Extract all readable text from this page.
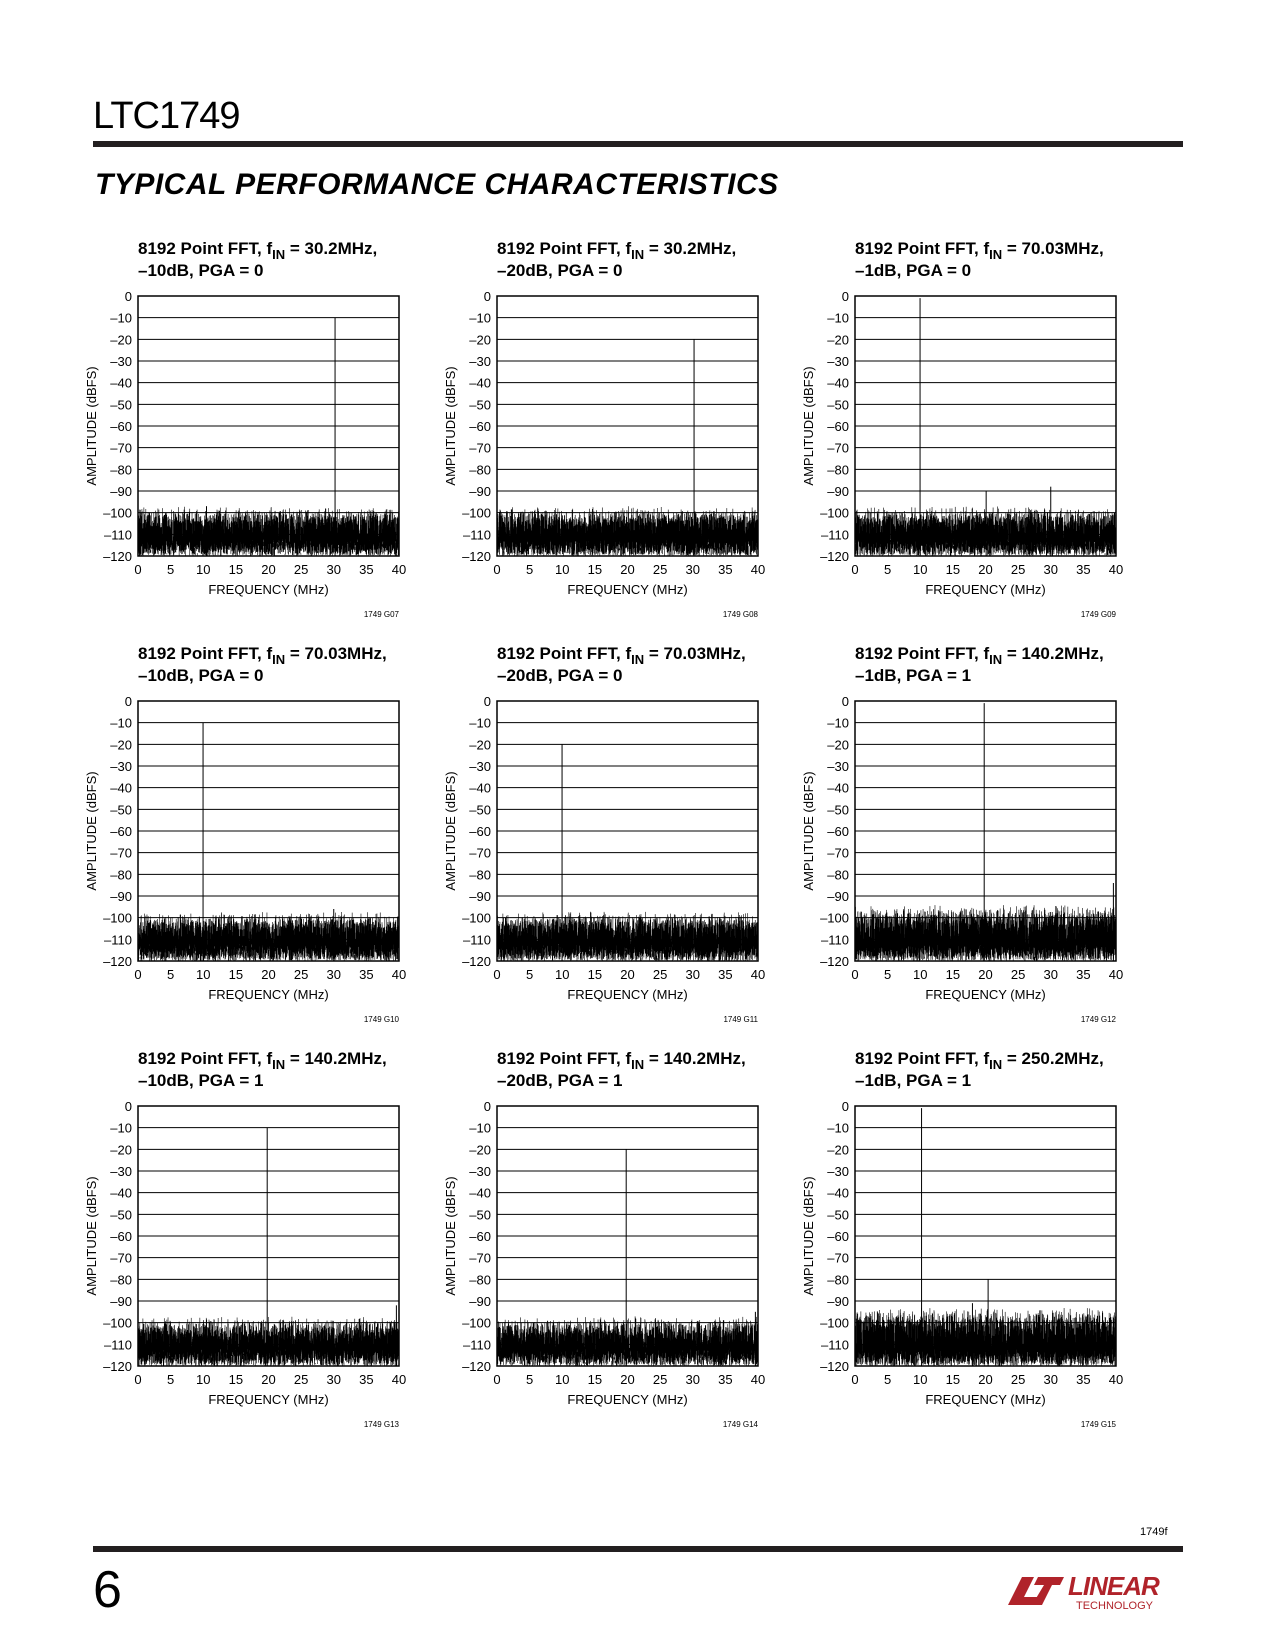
LTC1749
TYPICAL PERFORMANCE CHARACTERISTICS
8192 Point FFT, $f_{IN} = 30.2MHz$,
–10dB, PGA = 0
0
–10
–20
–30
–40
–50
–60
–70
–80
–90
–100
–110
–120
0 5 10 15 20 25 30 35 40
FREQUENCY (MHz)
AMPLITUDE (dBFS)
1749 G07
8192 Point FFT, $f_{IN} = 30.2MHz$,
–20dB, PGA = 0
0
–10
–20
–30
–40
–50
–60
–70
–80
–90
–100
–110
–120
0 5 10 15 20 25 30 35 40
FREQUENCY (MHz)
AMPLITUDE (dBFS)
1749 G08
8192 Point FFT, $f_{IN} = 70.03MHz$,
–1dB, PGA = 0
0
–10
–20
–30
–40
–50
–60
–70
–80
–90
–100
–110
–120
0 5 10 15 20 25 30 35 40
FREQUENCY (MHz)
AMPLITUDE (dBFS)
1749 G09
8192 Point FFT, $f_{IN} = 70.03MHz$,
–10dB, PGA = 0
0
–10
–20
–30
–40
–50
–60
–70
–80
–90
–100
–110
–120
0 5 10 15 20 25 30 35 40
FREQUENCY (MHz)
AMPLITUDE (dBFS)
1749 G10
8192 Point FFT, $f_{IN} = 70.03MHz$,
–20dB, PGA = 0
0
–10
–20
–30
–40
–50
–60
–70
–80
–90
–100
–110
–120
0 5 10 15 20 25 30 35 40
FREQUENCY (MHz)
AMPLITUDE (dBFS)
1749 G11
8192 Point FFT, $f_{IN} = 140.2MHz$,
–1dB, PGA = 1
0
–10
–20
–30
–40
–50
–60
–70
–80
–90
–100
–110
–120
0 5 10 15 20 25 30 35 40
FREQUENCY (MHz)
AMPLITUDE (dBFS)
1749 G12
8192 Point FFT, $f_{IN} = 140.2MHz$,
–10dB, PGA = 1
0
–10
–20
–30
–40
–50
–60
–70
–80
–90
–100
–110
–120
0 5 10 15 20 25 30 35 40
FREQUENCY (MHz)
AMPLITUDE (dBFS)
1749 G13
8192 Point FFT, $f_{IN} = 140.2MHz$,
–20dB, PGA = 1
0
–10
–20
–30
–40
–50
–60
–70
–80
–90
–100
–110
–120
0 5 10 15 20 25 30 35 40
FREQUENCY (MHz)
AMPLITUDE (dBFS)
1749 G14
8192 Point FFT, $f_{IN} = 250.2MHz$,
–1dB, PGA = 1
0
–10
–20
–30
–40
–50
–60
–70
–80
–90
–100
–110
–120
0 5 10 15 20 25 30 35 40
FREQUENCY (MHz)
AMPLITUDE (dBFS)
1749 G15
1749f
6	LINEAR
TECHNOLOGY
